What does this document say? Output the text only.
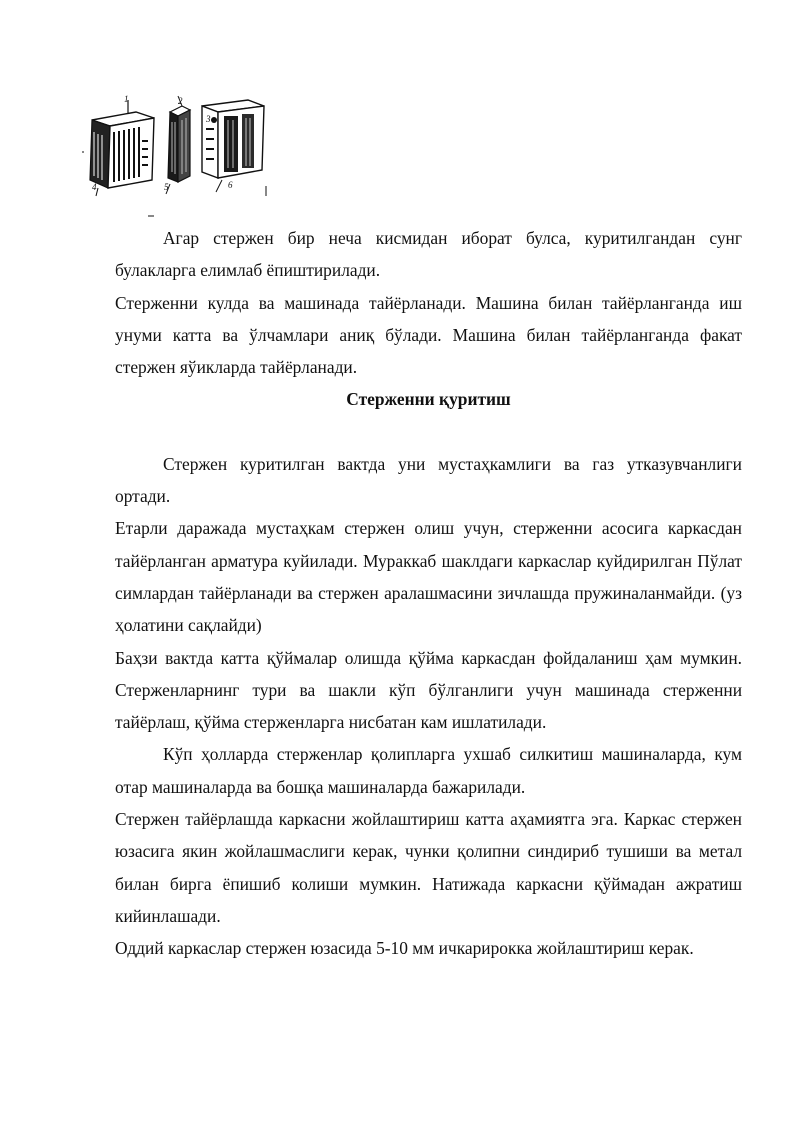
1	2
3
4	5	6

Агар стержен бир неча кисмидан иборат булса, куритилгандан сунг булакларга елимлаб ёпиштирилади.

Стерженни кулда ва машинада тайёрланади. Машина билан тайёрланганда иш унуми катта ва ўлчамлари аниқ бўлади. Машина билан тайёрланганда факат стержен яўикларда тайёрланади.

Стерженни қуритиш

Стержен куритилган вактда уни мустаҳкамлиги ва газ утказувчанлиги ортади.

Етарли даражада мустаҳкам стержен олиш учун, стерженни асосига каркасдан тайёрланган арматура куйилади. Мураккаб шаклдаги каркаслар куйдирилган Пўлат симлардан тайёрланади ва стержен аралашмасини зичлашда пружиналанмайди. (уз ҳолатини сақлайди)

Баҳзи вактда катта қўймалар олишда қўйма каркасдан фойдаланиш ҳам мумкин. Стерженларнинг тури ва шакли кўп бўлганлиги учун машинада стерженни тайёрлаш, қўйма стерженларга нисбатан кам ишлатилади.

Кўп ҳолларда стерженлар қолипларга ухшаб силкитиш машиналарда, кум отар машиналарда ва бошқа машиналарда бажарилади.

Стержен тайёрлашда каркасни жойлаштириш катта аҳамиятга эга. Каркас стержен юзасига якин жойлашмаслиги керак, чунки қолипни синдириб тушиши ва метал билан бирга ёпишиб колиши мумкин. Натижада каркасни қўймадан ажратиш кийинлашади.

Оддий каркаслар стержен юзасида 5-10 мм ичкарирокка жойлаштириш керак.
